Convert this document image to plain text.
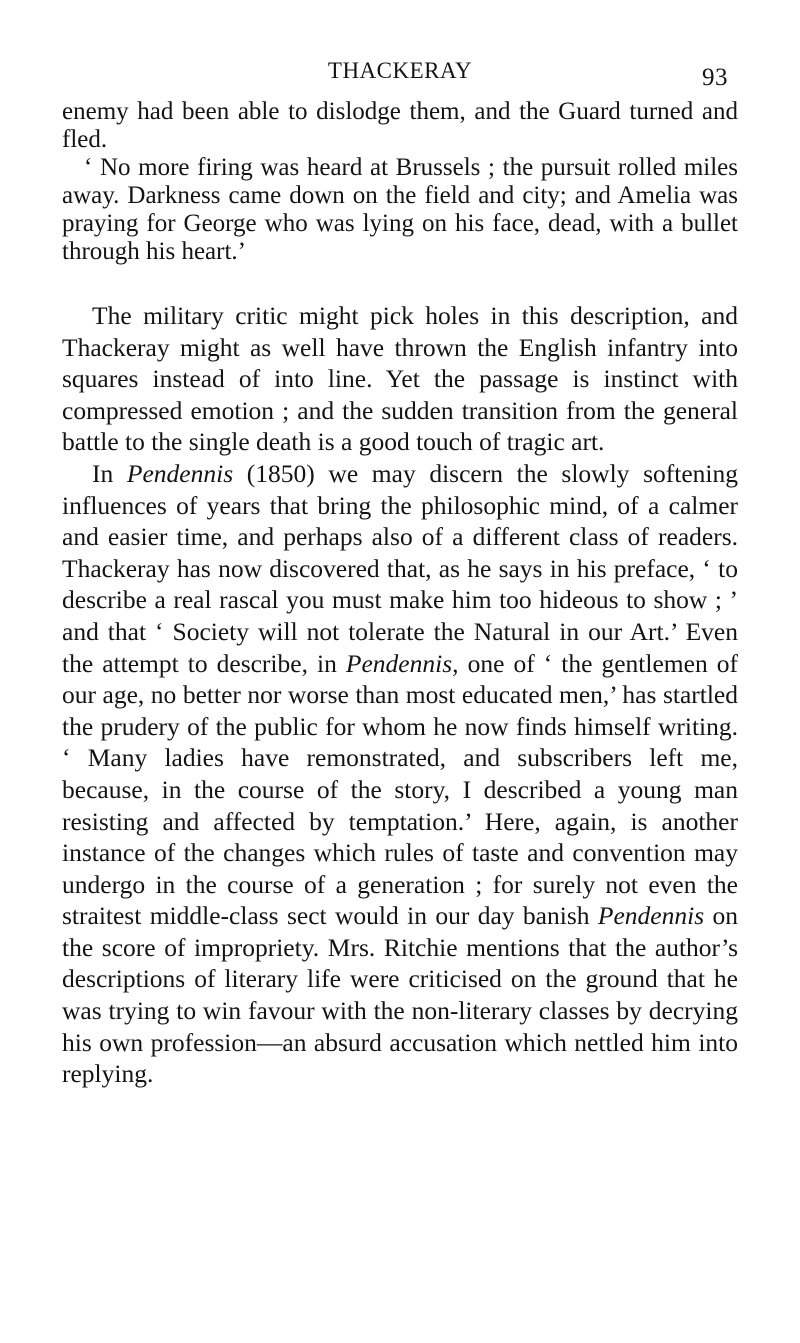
THACKERAY	93

enemy had been able to dislodge them, and the Guard turned and fled.

‘ No more firing was heard at Brussels ; the pursuit rolled miles away. Darkness came down on the field and city; and Amelia was praying for George who was lying on his face, dead, with a bullet through his heart.’

The military critic might pick holes in this description, and Thackeray might as well have thrown the English infantry into squares instead of into line. Yet the passage is instinct with compressed emotion ; and the sudden transition from the general battle to the single death is a good touch of tragic art.

In Pendennis (1850) we may discern the slowly softening influences of years that bring the philosophic mind, of a calmer and easier time, and perhaps also of a different class of readers. Thackeray has now discovered that, as he says in his preface, ‘ to describe a real rascal you must make him too hideous to show ; ’ and that ‘ Society will not tolerate the Natural in our Art.’ Even the attempt to describe, in Pendennis, one of ‘ the gentlemen of our age, no better nor worse than most educated men,’ has startled the prudery of the public for whom he now finds himself writing. ‘ Many ladies have remonstrated, and subscribers left me, because, in the course of the story, I described a young man resisting and affected by temptation.’ Here, again, is another instance of the changes which rules of taste and convention may undergo in the course of a generation ; for surely not even the straitest middle-class sect would in our day banish Pendennis on the score of impropriety. Mrs. Ritchie mentions that the author’s descriptions of literary life were criticised on the ground that he was trying to win favour with the non-literary classes by decrying his own profession—an absurd accusation which nettled him into replying.
